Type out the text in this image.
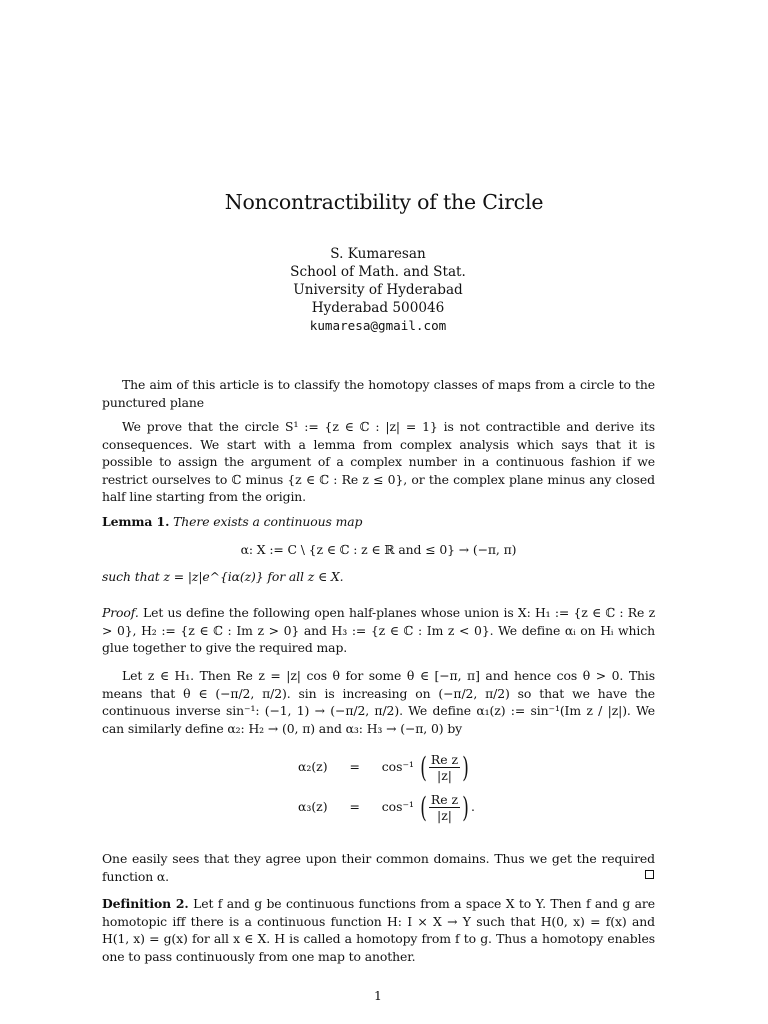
Noncontractibility of the Circle
S. Kumaresan
School of Math. and Stat.
University of Hyderabad
Hyderabad 500046
kumaresa@gmail.com
The aim of this article is to classify the homotopy classes of maps from a circle to the punctured plane
We prove that the circle S¹ := {z ∈ ℂ : |z| = 1} is not contractible and derive its consequences. We start with a lemma from complex analysis which says that it is possible to assign the argument of a complex number in a continuous fashion if we restrict ourselves to ℂ minus {z ∈ ℂ : Re z ≤ 0}, or the complex plane minus any closed half line starting from the origin.
Lemma 1. There exists a continuous map
α: X := C \ {z ∈ ℂ : z ∈ ℝ and ≤ 0} → (−π, π)
such that z = |z|e^{iα(z)} for all z ∈ X.
Proof. Let us define the following open half-planes whose union is X: H₁ := {z ∈ ℂ : Re z > 0}, H₂ := {z ∈ ℂ : Im z > 0} and H₃ := {z ∈ ℂ : Im z < 0}. We define αᵢ on Hᵢ which glue together to give the required map.
Let z ∈ H₁. Then Re z = |z| cos θ for some θ ∈ [−π, π] and hence cos θ > 0. This means that θ ∈ (−π/2, π/2). sin is increasing on (−π/2, π/2) so that we have the continuous inverse sin⁻¹: (−1, 1) → (−π/2, π/2). We define α₁(z) := sin⁻¹(Im z / |z|). We can similarly define α₂: H₂ → (0, π) and α₃: H₃ → (−π, 0) by
α₂(z) = cos⁻¹ ( $\frac{\text{Re z}}{|z|}$ )
α₃(z) = cos⁻¹ ( $\frac{\text{Re z}}{|z|}$ ) .
One easily sees that they agree upon their common domains. Thus we get the required function α.
Definition 2. Let f and g be continuous functions from a space X to Y. Then f and g are homotopic iff there is a continuous function H: I × X → Y such that H(0, x) = f(x) and H(1, x) = g(x) for all x ∈ X. H is called a homotopy from f to g. Thus a homotopy enables one to pass continuously from one map to another.
1
